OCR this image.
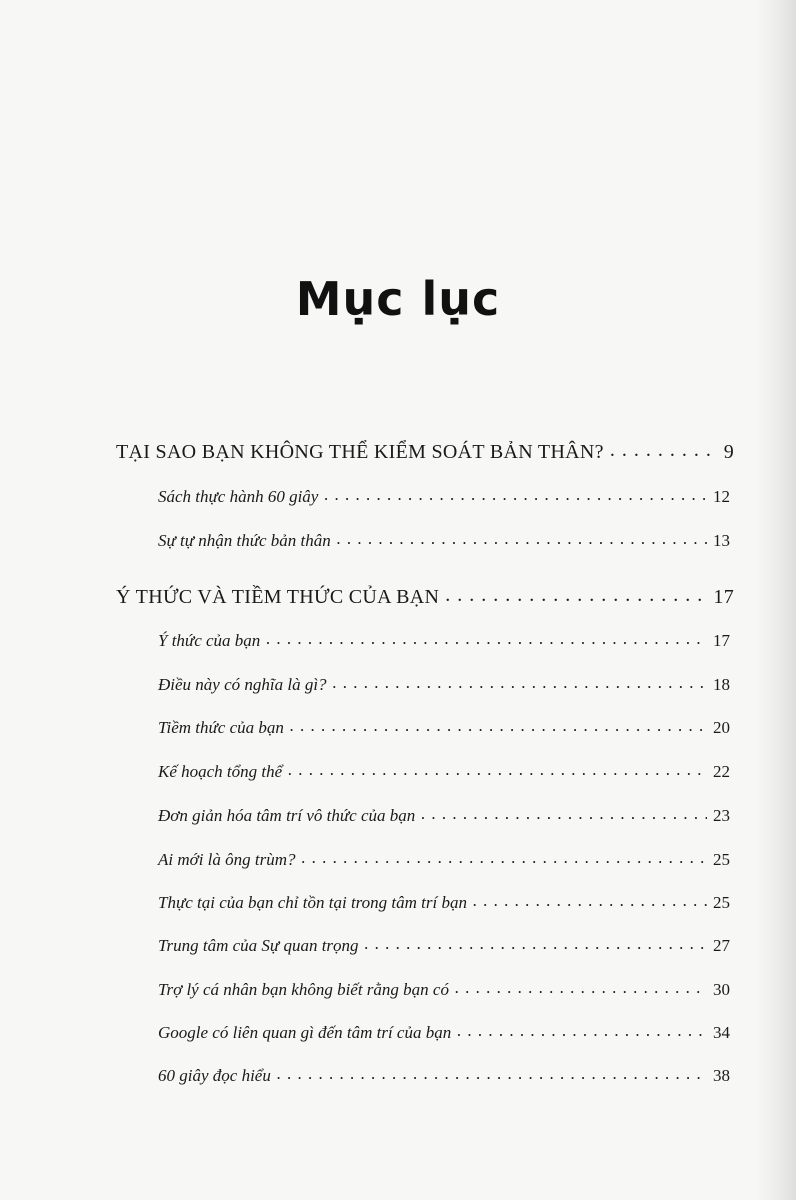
Mục lục
TẠI SAO BẠN KHÔNG THỂ KIỂM SOÁT BẢN THÂN? . . .	9
Sách thực hành 60 giây . . .	12
Sự tự nhận thức bản thân . . .	13
Ý THỨC VÀ TIỀM THỨC CỦA BẠN . . .	17
Ý thức của bạn . . .	17
Điều này có nghĩa là gì? . . .	18
Tiềm thức của bạn . . .	20
Kế hoạch tổng thể . . .	22
Đơn giản hóa tâm trí vô thức của bạn . . .	23
Ai mới là ông trùm? . . .	25
Thực tại của bạn chỉ tồn tại trong tâm trí bạn . . .	25
Trung tâm của Sự quan trọng . . .	27
Trợ lý cá nhân bạn không biết rằng bạn có . . .	30
Google có liên quan gì đến tâm trí của bạn . . .	34
60 giây đọc hiểu . . .	38
